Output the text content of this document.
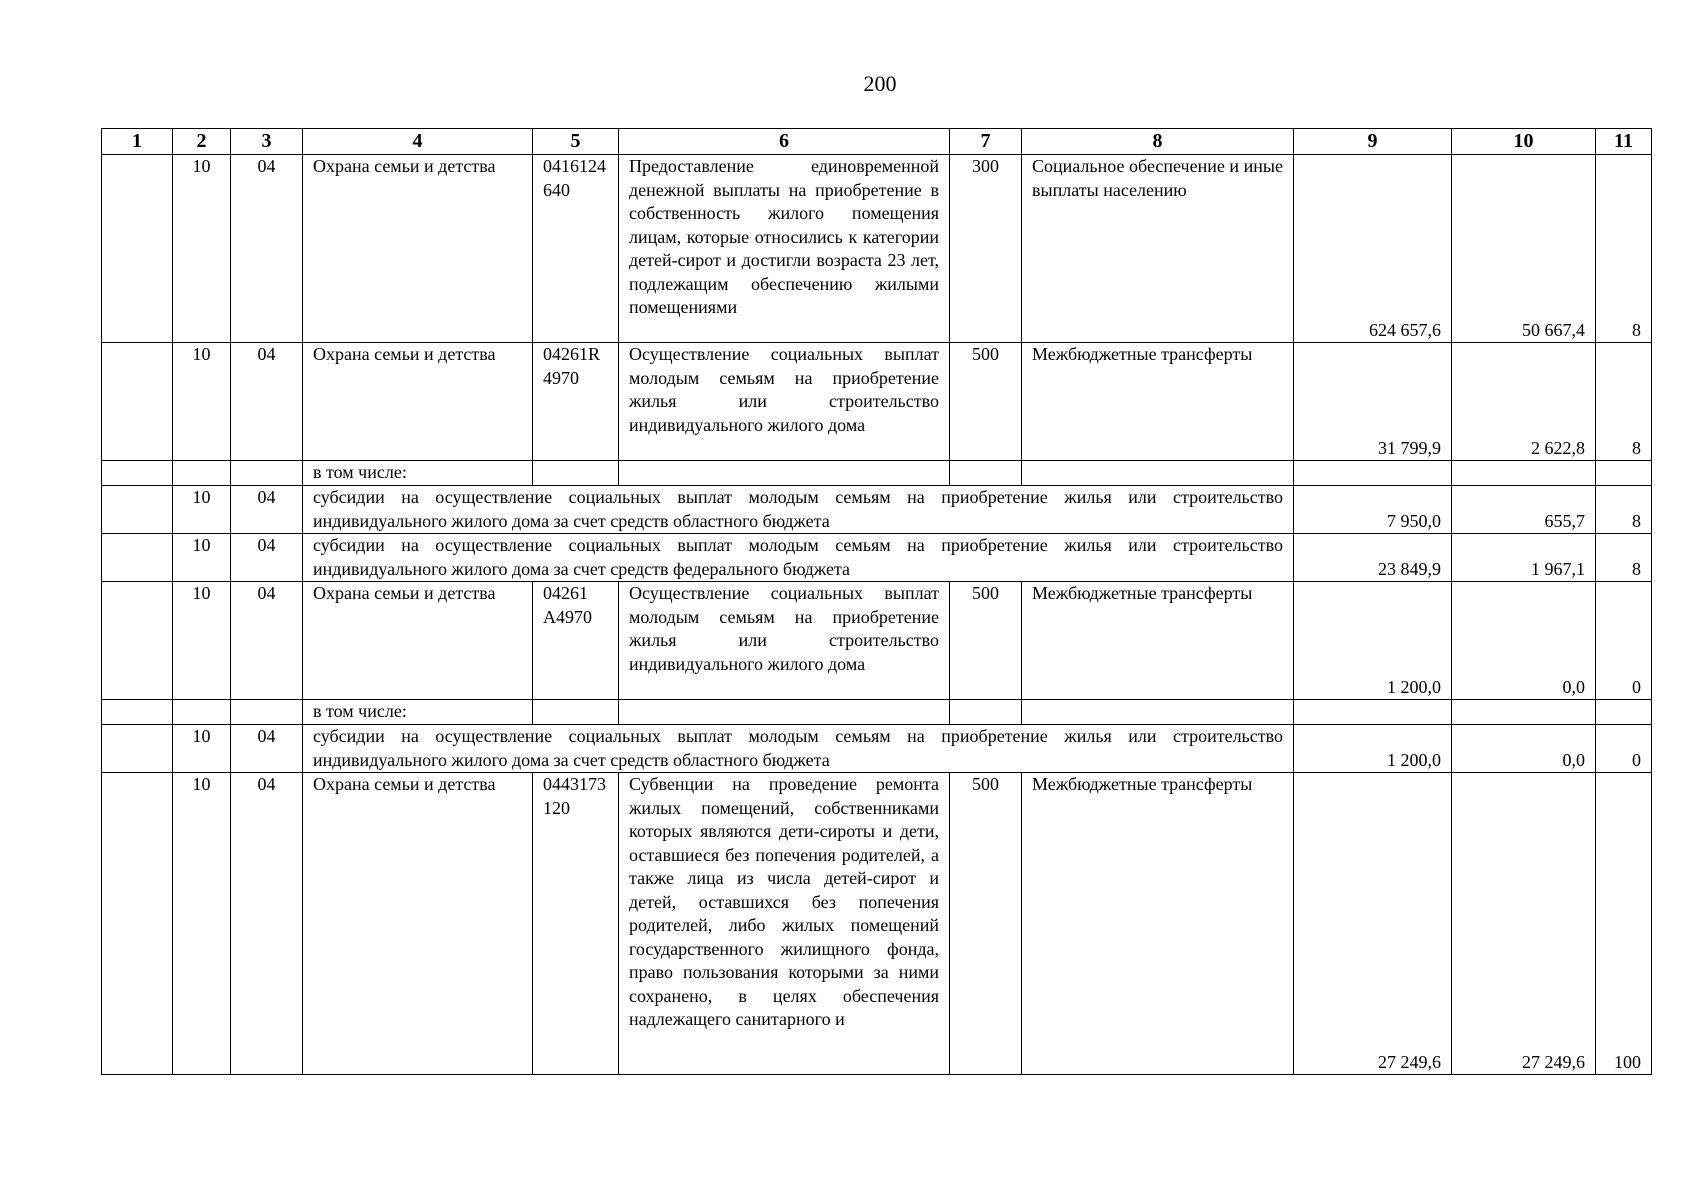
200
1	2	3	4	5	6	7	8	9	10	11
	10	04	Охрана семьи и детства	0416124640	Предоставление единовременной денежной выплаты на приобретение в собственность жилого помещения лицам, которые относились к категории детей-сирот и достигли возраста 23 лет, подлежащим обеспечению жилыми помещениями	300	Социальное обеспечение и иные выплаты населению	624 657,6	50 667,4	8
	10	04	Охрана семьи и детства	04261R4970	Осуществление социальных выплат молодым семьям на приобретение жилья или строительство индивидуального жилого дома	500	Межбюджетные трансферты	31 799,9	2 622,8	8
			в том числе:							
	10	04	субсидии на осуществление социальных выплат молодым семьям на приобретение жилья или строительство индивидуального жилого дома за счет средств областного бюджета					7 950,0	655,7	8
	10	04	субсидии на осуществление социальных выплат молодым семьям на приобретение жилья или строительство индивидуального жилого дома за счет средств федерального бюджета					23 849,9	1 967,1	8
	10	04	Охрана семьи и детства	04261 А4970	Осуществление социальных выплат молодым семьям на приобретение жилья или строительство индивидуального жилого дома	500	Межбюджетные трансферты	1 200,0	0,0	0
			в том числе:							
	10	04	субсидии на осуществление социальных выплат молодым семьям на приобретение жилья или строительство индивидуального жилого дома за счет средств областного бюджета					1 200,0	0,0	0
	10	04	Охрана семьи и детства	0443173120	Субвенции на проведение ремонта жилых помещений, собственниками которых являются дети-сироты и дети, оставшиеся без попечения родителей, а также лица из числа детей-сирот и детей, оставшихся без попечения родителей, либо жилых помещений государственного жилищного фонда, право пользования которыми за ними сохранено, в целях обеспечения надлежащего санитарного и	500	Межбюджетные трансферты	27 249,6	27 249,6	100
